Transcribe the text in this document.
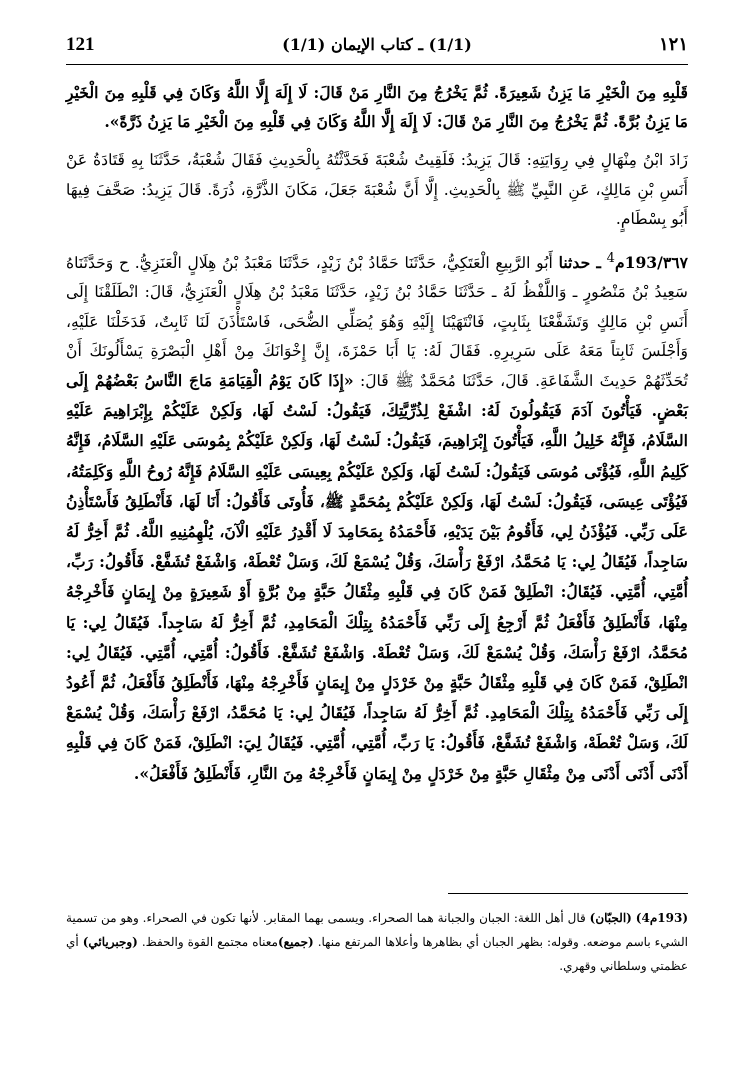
121	(1/1) ـ كتاب الإيمان (1/1)	١٢١

قَلْبِهِ مِنَ الْخَيْرِ مَا يَزِنُ شَعِيرَةً. ثُمَّ يَخْرُجُ مِنَ النَّارِ مَنْ قَالَ: لَا إِلَهَ إِلَّا اللَّهُ وَكَانَ فِي قَلْبِهِ مِنَ الْخَيْرِ مَا يَزِنُ بُرَّةً. ثُمَّ يَخْرُجُ مِنَ النَّارِ مَنْ قَالَ: لَا إِلَهَ إِلَّا اللَّهُ وَكَانَ فِي قَلْبِهِ مِنَ الْخَيْرِ مَا يَزِنُ ذَرَّةً».

زَادَ ابْنُ مِنْهَالٍ فِي رِوَايَتِهِ: قَالَ يَزِيدُ: فَلَقِيتُ شُعْبَةَ فَحَدَّثْتُهُ بِالْحَدِيثِ فَقَالَ شُعْبَةُ، حَدَّثَنَا بِهِ قَتَادَةُ عَنْ أَنَسِ بْنِ مَالِكٍ، عَنِ النَّبِيِّ ﷺ بِالْحَدِيثِ. إِلَّا أَنَّ شُعْبَةَ جَعَلَ، مَكَانَ الذَّرَّةِ، ذُرَةً. قَالَ يَزِيدُ: صَحَّفَ فِيهَا أَبُو بِسْطَامٍ.

٣٦٧/193م$^4$ ـ حدثنا أَبُو الرَّبِيعِ الْعَتَكِيُّ، حَدَّثَنَا حَمَّادُ بْنُ زَيْدٍ، حَدَّثَنَا مَعْبَدُ بْنُ هِلَالٍ الْعَنَزِيُّ. ح وَحَدَّثَنَاهُ سَعِيدُ بْنُ مَنْصُورٍ ـ وَاللَّفْظُ لَهُ ـ حَدَّثَنَا حَمَّادُ بْنُ زَيْدٍ، حَدَّثَنَا مَعْبَدُ بْنُ هِلَالٍ الْعَنَزِيُّ، قَالَ: انْطَلَقْنَا إِلَى أَنَسِ بْنِ مَالِكٍ وَتَشَفَّعْنَا بِثَابِتٍ، فَانْتَهَيْنَا إِلَيْهِ وَهُوَ يُصَلِّي الضُّحَى، فَاسْتَأْذَنَ لَنَا ثَابِتٌ، فَدَخَلْنَا عَلَيْهِ، وَأَجْلَسَ ثَابِتاً مَعَهُ عَلَى سَرِيرِهِ. فَقَالَ لَهُ: يَا أَبَا حَمْزَةَ، إِنَّ إِخْوَانَكَ مِنْ أَهْلِ الْبَصْرَةِ يَسْأَلُونَكَ أَنْ تُحَدِّثَهُمْ حَدِيثَ الشَّفَاعَةِ. قَالَ، حَدَّثَنَا مُحَمَّدٌ ﷺ قَالَ: «إِذَا كَانَ يَوْمُ الْقِيَامَةِ مَاجَ النَّاسُ بَعْضُهُمْ إِلَى بَعْضٍ. فَيَأْتُونَ آدَمَ فَيَقُولُونَ لَهُ: اشْفَعْ لِذُرِّيَّتِكَ، فَيَقُولُ: لَسْتُ لَهَا، وَلَكِنْ عَلَيْكُمْ بِإِبْرَاهِيمَ عَلَيْهِ السَّلَامُ، فَإِنَّهُ خَلِيلُ اللَّهِ، فَيَأْتُونَ إِبْرَاهِيمَ، فَيَقُولُ: لَسْتُ لَهَا، وَلَكِنْ عَلَيْكُمْ بِمُوسَى عَلَيْهِ السَّلَامُ، فَإِنَّهُ كَلِيمُ اللَّهِ، فَيُؤْتَى مُوسَى فَيَقُولُ: لَسْتُ لَهَا، وَلَكِنْ عَلَيْكُمْ بِعِيسَى عَلَيْهِ السَّلَامُ فَإِنَّهُ رُوحُ اللَّهِ وَكَلِمَتُهُ، فَيُؤْتَى عِيسَى، فَيَقُولُ: لَسْتُ لَهَا، وَلَكِنْ عَلَيْكُمْ بِمُحَمَّدٍ ﷺ، فَأُوتَى فَأَقُولُ: أَنَا لَهَا، فَأَنْطَلِقُ فَأَسْتَأْذِنُ عَلَى رَبِّي. فَيُؤْذَنُ لِي، فَأَقُومُ بَيْنَ يَدَيْهِ، فَأَحْمَدُهُ بِمَحَامِدَ لَا أَقْدِرُ عَلَيْهِ الْآنَ، يُلْهِمُنِيهِ اللَّهُ. ثُمَّ أَخِرُّ لَهُ سَاجِداً، فَيُقَالُ لِي: يَا مُحَمَّدُ، ارْفَعْ رَأْسَكَ، وَقُلْ يُسْمَعْ لَكَ، وَسَلْ تُعْطَهْ، وَاشْفَعْ تُشَفَّعْ. فَأَقُولُ: رَبِّ، أُمَّتِي، أُمَّتِي. فَيُقَالُ: انْطَلِقْ فَمَنْ كَانَ فِي قَلْبِهِ مِثْقَالُ حَبَّةٍ مِنْ بُرَّةٍ أَوْ شَعِيرَةٍ مِنْ إِيمَانٍ فَأَخْرِجْهُ مِنْهَا، فَأَنْطَلِقُ فَأَفْعَلُ ثُمَّ أَرْجِعُ إِلَى رَبِّي فَأَحْمَدُهُ بِتِلْكَ الْمَحَامِدِ، ثُمَّ أَخِرُّ لَهُ سَاجِداً. فَيُقَالُ لِي: يَا مُحَمَّدُ، ارْفَعْ رَأْسَكَ، وَقُلْ يُسْمَعْ لَكَ، وَسَلْ تُعْطَهْ. وَاشْفَعْ تُشَفَّعْ. فَأَقُولُ: أُمَّتِي، أُمَّتِي. فَيُقَالُ لِي: انْطَلِقْ، فَمَنْ كَانَ فِي قَلْبِهِ مِثْقَالُ حَبَّةٍ مِنْ خَرْدَلٍ مِنْ إِيمَانٍ فَأَخْرِجْهُ مِنْهَا، فَأَنْطَلِقُ فَأَفْعَلُ، ثُمَّ أَعُودُ إِلَى رَبِّي فَأَحْمَدُهُ بِتِلْكَ الْمَحَامِدِ. ثُمَّ أَخِرُّ لَهُ سَاجِداً، فَيُقَالُ لِي: يَا مُحَمَّدُ، ارْفَعْ رَأْسَكَ، وَقُلْ يُسْمَعْ لَكَ، وَسَلْ تُعْطَهْ، وَاشْفَعْ تُشَفَّعْ، فَأَقُولُ: يَا رَبِّ، أُمَّتِي، أُمَّتِي. فَيُقَالُ لِيَ: انْطَلِقْ، فَمَنْ كَانَ فِي قَلْبِهِ أَدْنَى أَدْنَى أَدْنَى مِنْ مِثْقَالِ حَبَّةٍ مِنْ خَرْدَلٍ مِنْ إِيمَانٍ فَأَخْرِجْهُ مِنَ النَّارِ، فَأَنْطَلِقُ فَأَفْعَلُ».

(193م4) (الجبّان) قال أهل اللغة: الجبان والجبانة هما الصحراء. ويسمى بهما المقابر. لأنها تكون في الصحراء. وهو من تسمية الشيء باسم موضعه. وقوله: بظهر الجبان أي بظاهرها وأعلاها المرتفع منها. (جميع)معناه مجتمع القوة والحفظ. (وجبريائي) أي عظمتي وسلطاني وقهري.
